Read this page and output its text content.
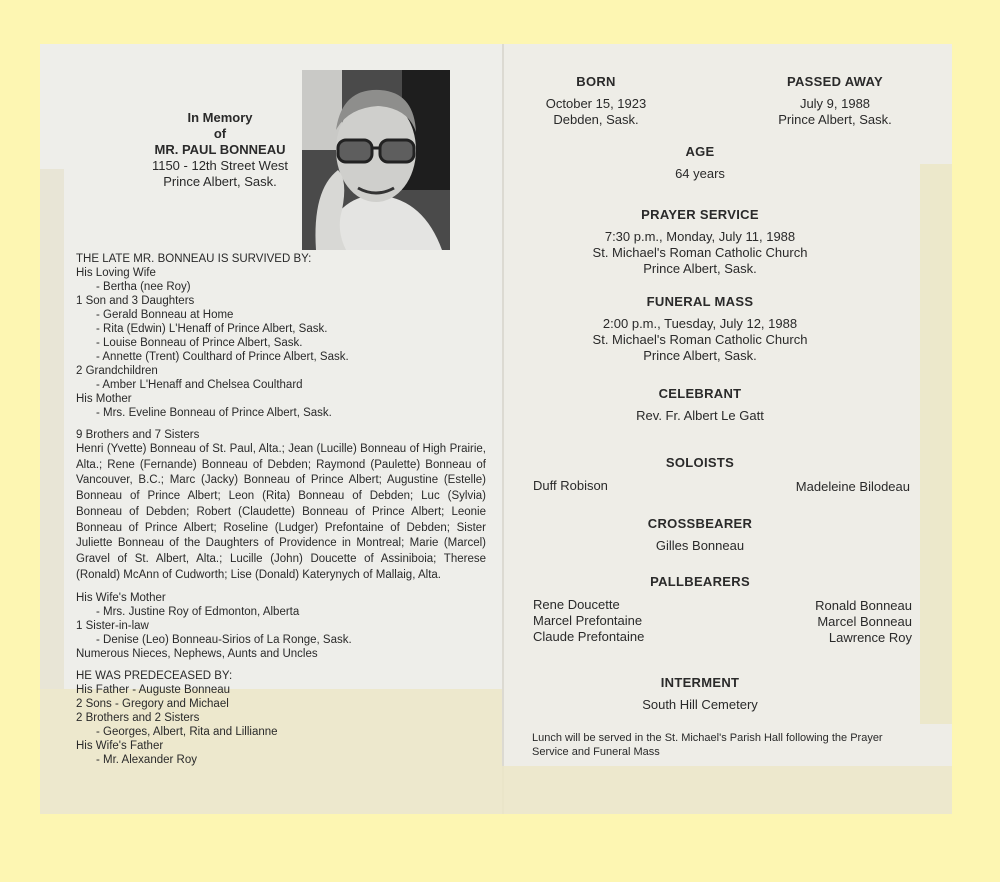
In Memory
of
MR. PAUL BONNEAU
1150 - 12th Street West
Prince Albert, Sask.
THE LATE MR. BONNEAU IS SURVIVED BY:
His Loving Wife
- Bertha (nee Roy)
1 Son and 3 Daughters
- Gerald Bonneau at Home
- Rita (Edwin) L'Henaff of Prince Albert, Sask.
- Louise Bonneau of Prince Albert, Sask.
- Annette (Trent) Coulthard of Prince Albert, Sask.
2 Grandchildren
- Amber L'Henaff and Chelsea Coulthard
His Mother
- Mrs. Eveline Bonneau of Prince Albert, Sask.
9 Brothers and 7 Sisters
Henri (Yvette) Bonneau of St. Paul, Alta.; Jean (Lucille) Bonneau of High Prairie, Alta.; Rene (Fernande) Bonneau of Debden; Raymond (Paulette) Bonneau of Vancouver, B.C.; Marc (Jacky) Bonneau of Prince Albert; Augustine (Estelle) Bonneau of Prince Albert; Leon (Rita) Bonneau of Debden; Luc (Sylvia) Bonneau of Debden; Robert (Claudette) Bonneau of Prince Albert; Leonie Bonneau of Prince Albert; Roseline (Ludger) Prefontaine of Debden; Sister Juliette Bonneau of the Daughters of Providence in Montreal; Marie (Marcel) Gravel of St. Albert, Alta.; Lucille (John) Doucette of Assiniboia; Therese (Ronald) McAnn of Cudworth; Lise (Donald) Katerynych of Mallaig, Alta.
His Wife's Mother
- Mrs. Justine Roy of Edmonton, Alberta
1 Sister-in-law
- Denise (Leo) Bonneau-Sirios of La Ronge, Sask.
Numerous Nieces, Nephews, Aunts and Uncles
HE WAS PREDECEASED BY:
His Father - Auguste Bonneau
2 Sons - Gregory and Michael
2 Brothers and 2 Sisters
- Georges, Albert, Rita and Lillianne
His Wife's Father
- Mr. Alexander Roy
BORN
October 15, 1923
Debden, Sask.
PASSED AWAY
July 9, 1988
Prince Albert, Sask.
AGE
64 years
PRAYER SERVICE
7:30 p.m., Monday, July 11, 1988
St. Michael's Roman Catholic Church
Prince Albert, Sask.
FUNERAL MASS
2:00 p.m., Tuesday, July 12, 1988
St. Michael's Roman Catholic Church
Prince Albert, Sask.
CELEBRANT
Rev. Fr. Albert Le Gatt
SOLOISTS
Duff Robison	Madeleine Bilodeau
CROSSBEARER
Gilles Bonneau
PALLBEARERS
Rene Doucette
Marcel Prefontaine
Claude Prefontaine
Ronald Bonneau
Marcel Bonneau
Lawrence Roy
INTERMENT
South Hill Cemetery
Lunch will be served in the St. Michael's Parish Hall following the Prayer Service and Funeral Mass
